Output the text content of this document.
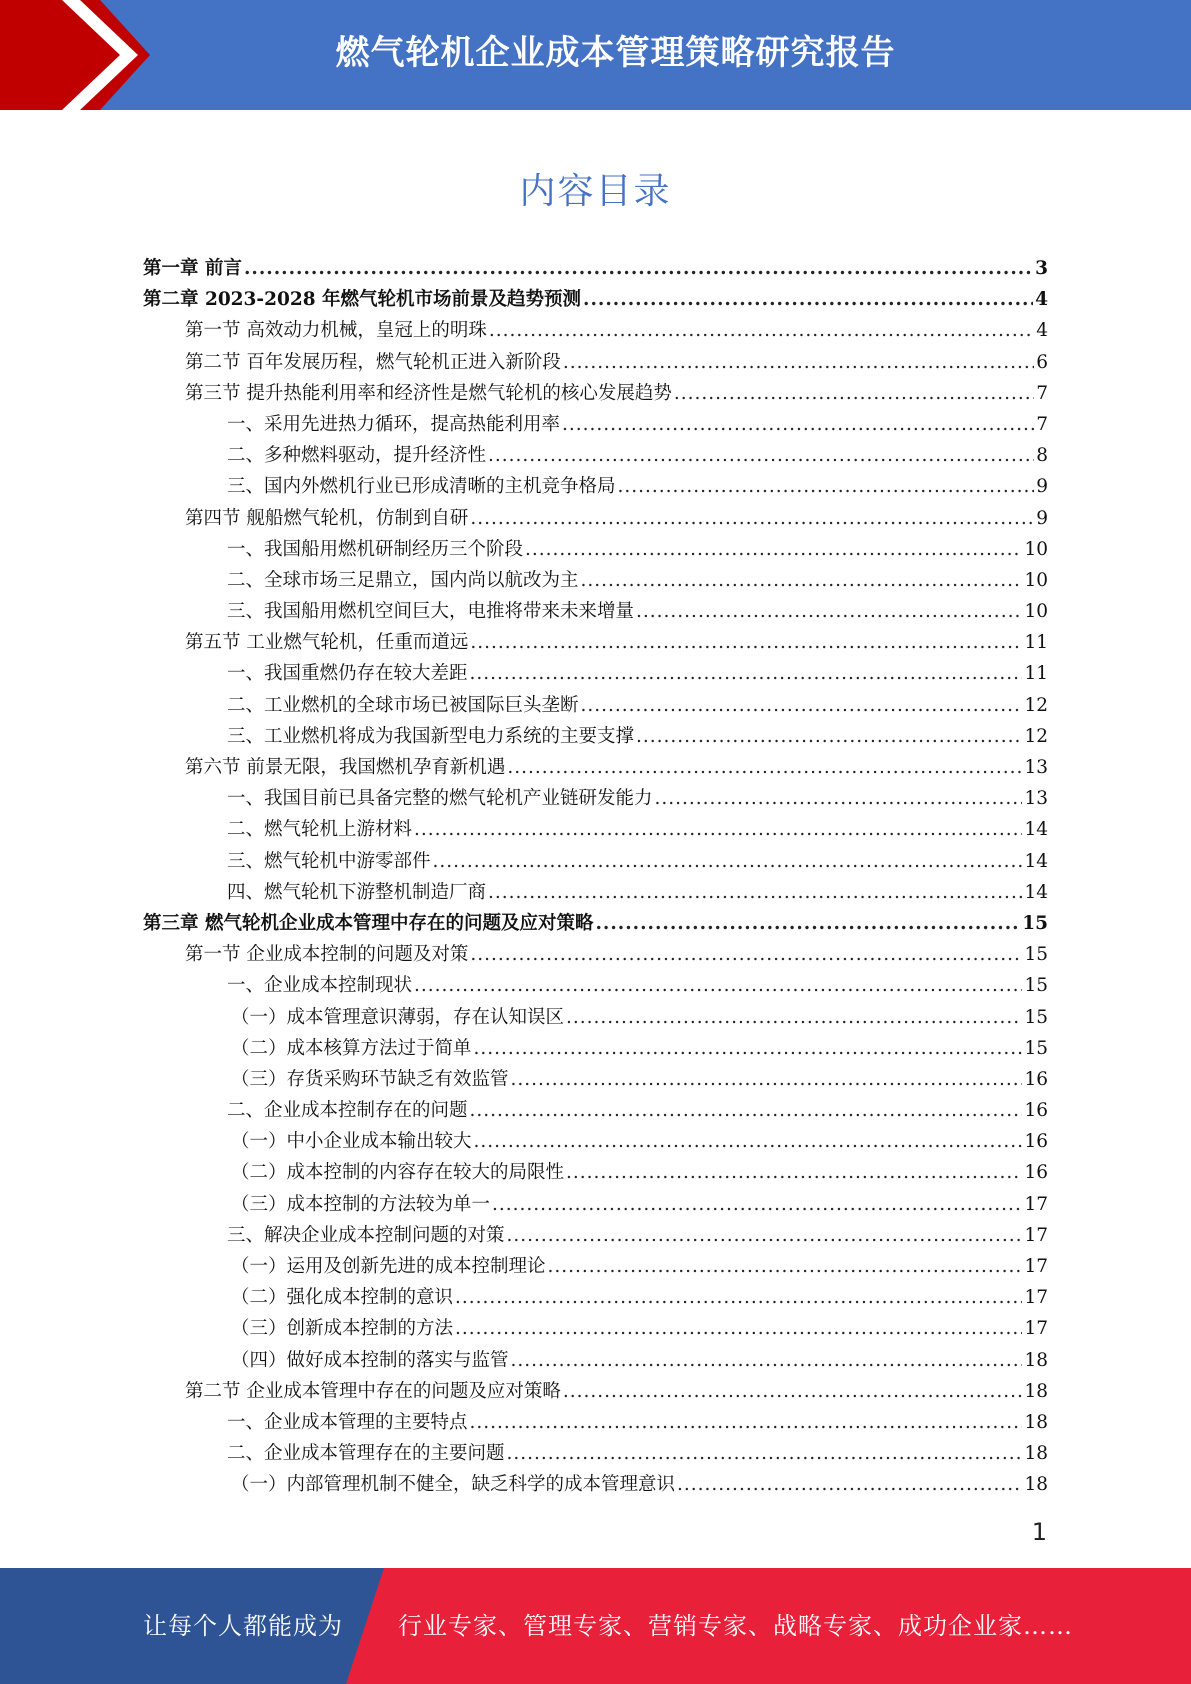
燃气轮机企业成本管理策略研究报告
内容目录
第一章 前言 .....	3
第二章 2023-2028 年燃气轮机市场前景及趋势预测 .....	4
第一节 高效动力机械，皇冠上的明珠 .....	4
第二节 百年发展历程，燃气轮机正进入新阶段 .....	6
第三节 提升热能利用率和经济性是燃气轮机的核心发展趋势 .....	7
一、采用先进热力循环，提高热能利用率 .....	7
二、多种燃料驱动，提升经济性 .....	8
三、国内外燃机行业已形成清晰的主机竞争格局 .....	9
第四节 舰船燃气轮机，仿制到自研 .....	9
一、我国船用燃机研制经历三个阶段 .....	10
二、全球市场三足鼎立，国内尚以航改为主 .....	10
三、我国船用燃机空间巨大，电推将带来未来增量 .....	10
第五节 工业燃气轮机，任重而道远 .....	11
一、我国重燃仍存在较大差距 .....	11
二、工业燃机的全球市场已被国际巨头垄断 .....	12
三、工业燃机将成为我国新型电力系统的主要支撑 .....	12
第六节 前景无限，我国燃机孕育新机遇 .....	13
一、我国目前已具备完整的燃气轮机产业链研发能力 .....	13
二、燃气轮机上游材料 .....	14
三、燃气轮机中游零部件 .....	14
四、燃气轮机下游整机制造厂商 .....	14
第三章 燃气轮机企业成本管理中存在的问题及应对策略 .....	15
第一节 企业成本控制的问题及对策 .....	15
一、企业成本控制现状 .....	15
（一）成本管理意识薄弱，存在认知误区 .....	15
（二）成本核算方法过于简单 .....	15
（三）存货采购环节缺乏有效监管 .....	16
二、企业成本控制存在的问题 .....	16
（一）中小企业成本输出较大 .....	16
（二）成本控制的内容存在较大的局限性 .....	16
（三）成本控制的方法较为单一 .....	17
三、解决企业成本控制问题的对策 .....	17
（一）运用及创新先进的成本控制理论 .....	17
（二）强化成本控制的意识 .....	17
（三）创新成本控制的方法 .....	17
（四）做好成本控制的落实与监管 .....	18
第二节 企业成本管理中存在的问题及应对策略 .....	18
一、企业成本管理的主要特点 .....	18
二、企业成本管理存在的主要问题 .....	18
（一）内部管理机制不健全，缺乏科学的成本管理意识 .....	18
1
让每个人都能成为 行业专家、管理专家、营销专家、战略专家、成功企业家……
